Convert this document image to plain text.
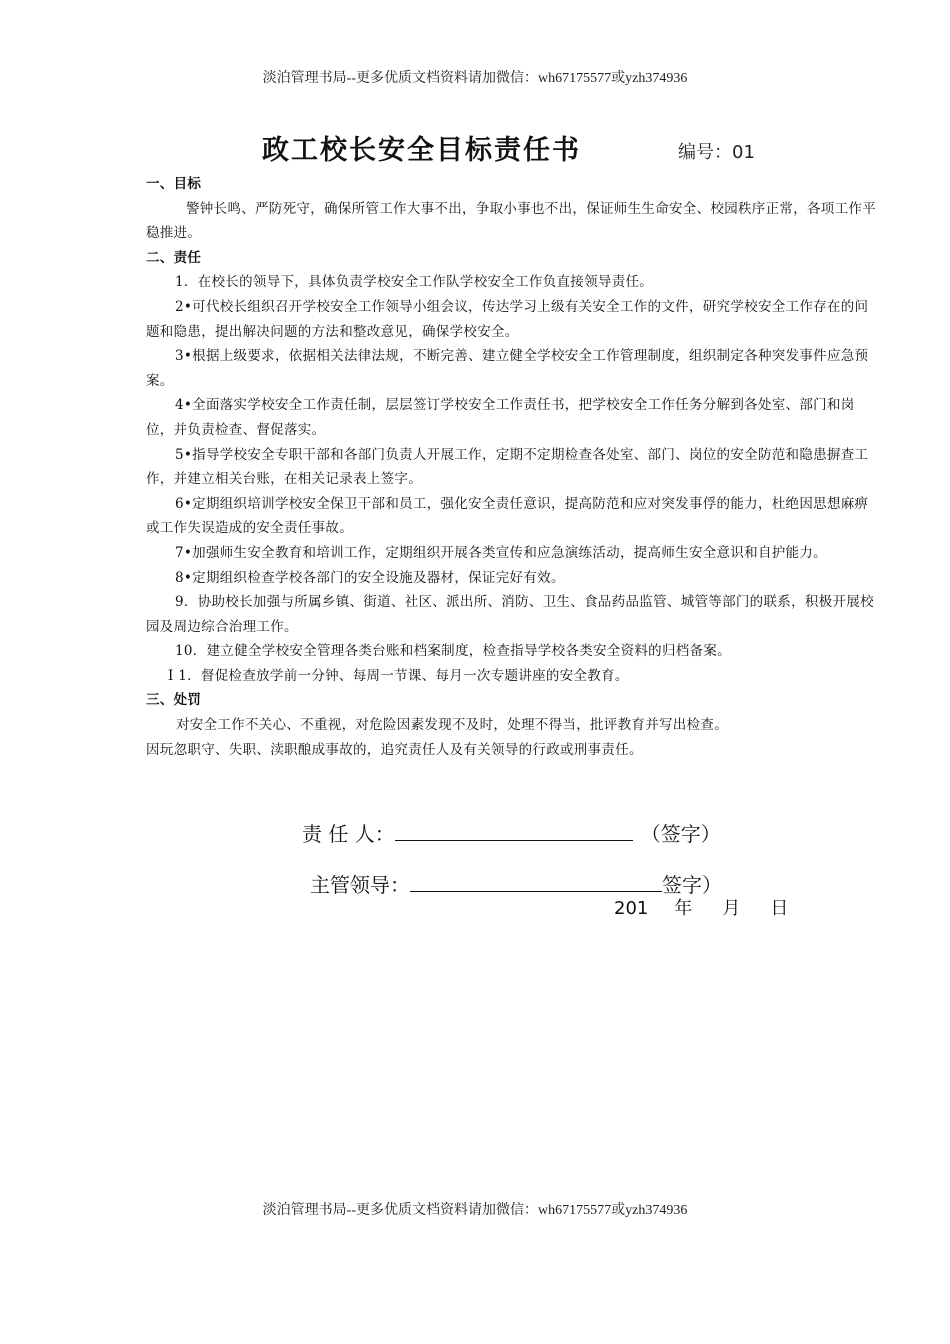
淡泊管理书局--更多优质文档资料请加微信：wh67175577或yzh374936
政工校长安全目标责任书	编号：01

一、目标

警钟长鸣、严防死守，确保所管工作大事不出，争取小事也不出，保证师生生命安全、校园秩序正常，各项工作平稳推进。

二、责任

1．在校长的领导下，具体负责学校安全工作队学校安全工作负直接领导责任。

2•可代校长组织召开学校安全工作领导小组会议，传达学习上级有关安全工作的文件，研究学校安全工作存在的问题和隐患，提出解决问题的方法和整改意见，确保学校安全。

3•根据上级要求，依据相关法律法规，不断完善、建立健全学校安全工作管理制度，组织制定各种突发事件应急预案。

4•全面落实学校安全工作责任制，层层签订学校安全工作责任书，把学校安全工作任务分解到各处室、部门和岗位，并负责检查、督促落实。

5•指导学校安全专职干部和各部门负责人开展工作，定期不定期检查各处室、部门、岗位的安全防范和隐患摒查工作，并建立相关台账，在相关记录表上签字。

6•定期组织培训学校安全保卫干部和员工，强化安全责任意识，提高防范和应对突发事俘的能力，杜绝因思想麻痹或工作失误造成的安全责任事故。

7•加强师生安全教育和培训工作，定期组织开展各类宣传和应急演练活动，提高师生安全意识和自护能力。

8•定期组织检查学校各部门的安全设施及器材，保证完好有效。

9．协助校长加强与所属乡镇、街道、社区、派出所、消防、卫生、食品药品监管、城管等部门的联系，积极开展校园及周边综合治理工作。

10．建立健全学校安全管理各类台账和档案制度，检查指导学校各类安全资料的归档备案。

I 1．督促检查放学前一分钟、每周一节课、每月一次专题讲座的安全教育。

三、处罚

对安全工作不关心、不重视，对危险因素发现不及时，处理不得当，批评教育并写出检查。

因玩忽职守、失职、渎职酿成事故的，追究责任人及有关领导的行政或刑事责任。

责 任 人：	（签字）
主管领导：	签字）
201 年 月 日
淡泊管理书局--更多优质文档资料请加微信：wh67175577或yzh374936
